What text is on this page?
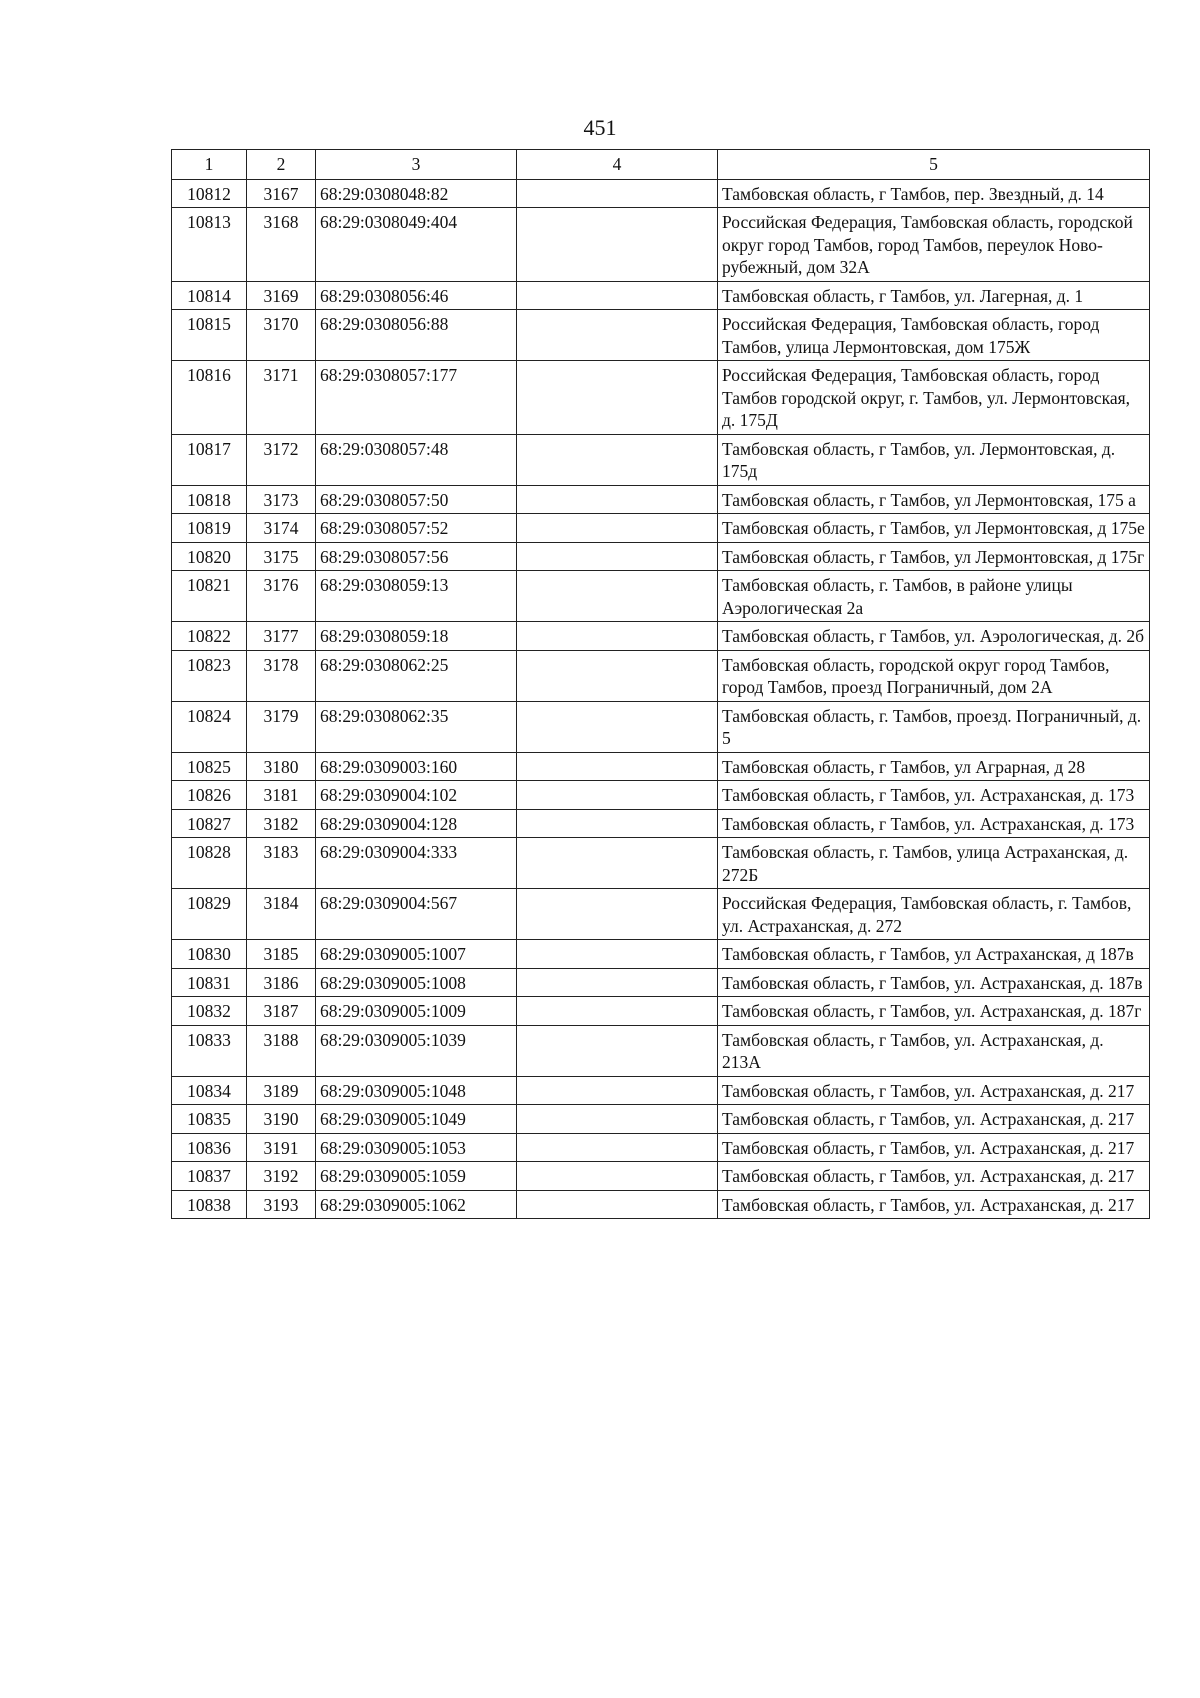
451
1	2	3	4	5
10812	3167	68:29:0308048:82		Тамбовская область, г Тамбов, пер. Звездный, д. 14
10813	3168	68:29:0308049:404		Российская Федерация, Тамбовская область, городской округ город Тамбов, город Тамбов, переулок Ново-рубежный, дом 32А
10814	3169	68:29:0308056:46		Тамбовская область, г Тамбов, ул. Лагерная, д. 1
10815	3170	68:29:0308056:88		Российская Федерация, Тамбовская область, город Тамбов, улица Лермонтовская, дом 175Ж
10816	3171	68:29:0308057:177		Российская Федерация, Тамбовская область, город Тамбов городской округ, г. Тамбов, ул. Лермонтовская, д. 175Д
10817	3172	68:29:0308057:48		Тамбовская область, г Тамбов, ул. Лермонтовская, д. 175д
10818	3173	68:29:0308057:50		Тамбовская область, г Тамбов, ул Лермонтовская, 175 а
10819	3174	68:29:0308057:52		Тамбовская область, г Тамбов, ул Лермонтовская, д 175е
10820	3175	68:29:0308057:56		Тамбовская область, г Тамбов, ул Лермонтовская, д 175г
10821	3176	68:29:0308059:13		Тамбовская область, г. Тамбов, в районе улицы Аэрологическая 2а
10822	3177	68:29:0308059:18		Тамбовская область, г Тамбов, ул. Аэрологическая, д. 2б
10823	3178	68:29:0308062:25		Тамбовская область, городской округ город Тамбов, город Тамбов, проезд Пограничный, дом 2А
10824	3179	68:29:0308062:35		Тамбовская область, г. Тамбов, проезд. Пограничный, д. 5
10825	3180	68:29:0309003:160		Тамбовская область, г Тамбов, ул Аграрная, д 28
10826	3181	68:29:0309004:102		Тамбовская область, г Тамбов, ул. Астраханская, д. 173
10827	3182	68:29:0309004:128		Тамбовская область, г Тамбов, ул. Астраханская, д. 173
10828	3183	68:29:0309004:333		Тамбовская область, г. Тамбов, улица Астраханская, д. 272Б
10829	3184	68:29:0309004:567		Российская Федерация, Тамбовская область, г. Тамбов, ул. Астраханская, д. 272
10830	3185	68:29:0309005:1007		Тамбовская область, г Тамбов, ул Астраханская, д 187в
10831	3186	68:29:0309005:1008		Тамбовская область, г Тамбов, ул. Астраханская, д. 187в
10832	3187	68:29:0309005:1009		Тамбовская область, г Тамбов, ул. Астраханская, д. 187г
10833	3188	68:29:0309005:1039		Тамбовская область, г Тамбов, ул. Астраханская, д. 213А
10834	3189	68:29:0309005:1048		Тамбовская область, г Тамбов, ул. Астраханская, д. 217
10835	3190	68:29:0309005:1049		Тамбовская область, г Тамбов, ул. Астраханская, д. 217
10836	3191	68:29:0309005:1053		Тамбовская область, г Тамбов, ул. Астраханская, д. 217
10837	3192	68:29:0309005:1059		Тамбовская область, г Тамбов, ул. Астраханская, д. 217
10838	3193	68:29:0309005:1062		Тамбовская область, г Тамбов, ул. Астраханская, д. 217
